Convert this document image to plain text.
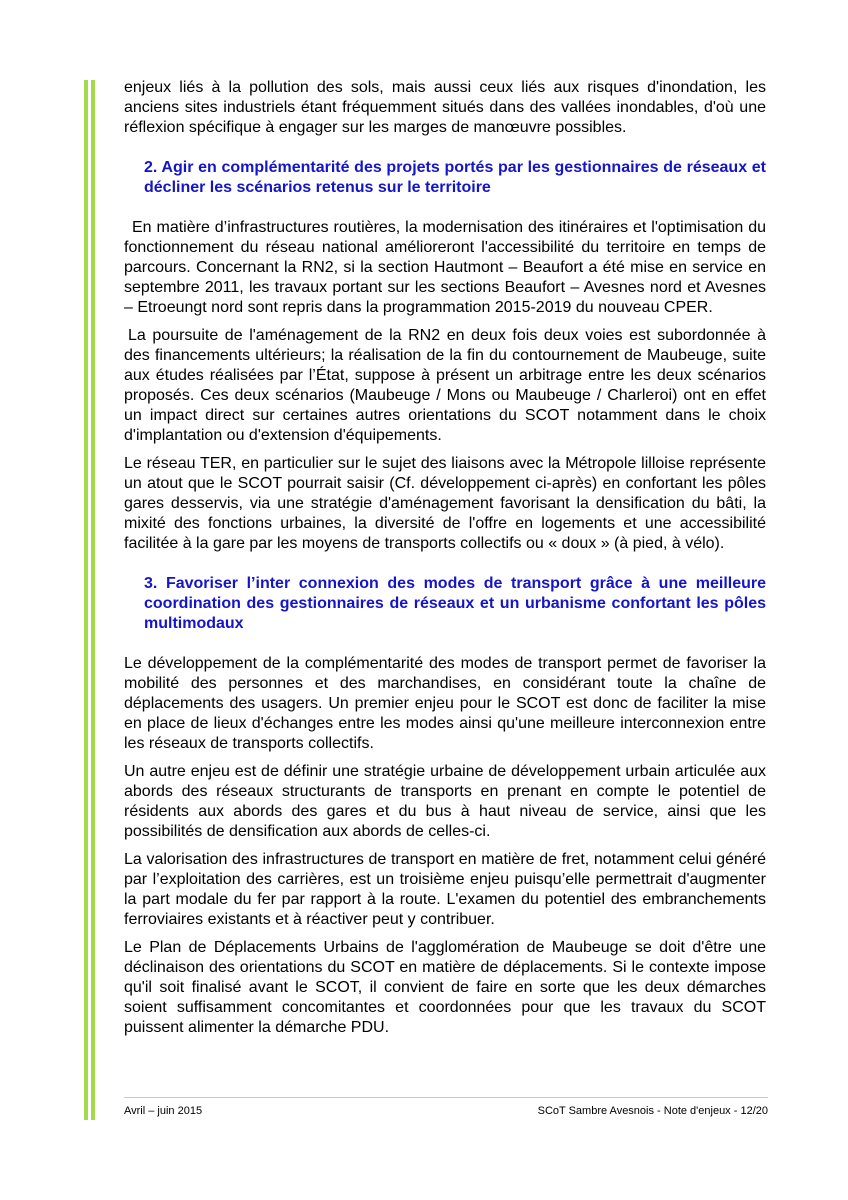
enjeux liés à la pollution des sols, mais aussi ceux liés aux risques d'inondation, les anciens sites industriels étant fréquemment situés dans des vallées inondables, d'où une réflexion spécifique à engager sur les marges de manœuvre possibles.

2. Agir en complémentarité des projets portés par les gestionnaires de réseaux et décliner les scénarios retenus sur le territoire

En matière d’infrastructures routières, la modernisation des itinéraires et l'optimisation du fonctionnement du réseau national amélioreront l'accessibilité du territoire en temps de parcours. Concernant la RN2, si la section Hautmont – Beaufort a été mise en service en septembre 2011, les travaux portant sur les sections Beaufort – Avesnes nord et Avesnes – Etroeungt nord sont repris dans la programmation 2015-2019 du nouveau CPER.

La poursuite de l'aménagement de la RN2 en deux fois deux voies est subordonnée à des financements ultérieurs; la réalisation de la fin du contournement de Maubeuge, suite aux études réalisées par l’État, suppose à présent un arbitrage entre les deux scénarios proposés. Ces deux scénarios (Maubeuge / Mons ou Maubeuge / Charleroi) ont en effet un impact direct sur certaines autres orientations du SCOT notamment dans le choix d'implantation ou d'extension d'équipements.

Le réseau TER, en particulier sur le sujet des liaisons avec la Métropole lilloise représente un atout que le SCOT pourrait saisir (Cf. développement ci-après) en confortant les pôles gares desservis, via une stratégie d'aménagement favorisant la densification du bâti, la mixité des fonctions urbaines, la diversité de l'offre en logements et une accessibilité facilitée à la gare par les moyens de transports collectifs ou « doux » (à pied, à vélo).

3. Favoriser l’inter connexion des modes de transport grâce à une meilleure coordination des gestionnaires de réseaux et un urbanisme confortant les pôles multimodaux

Le développement de la complémentarité des modes de transport permet de favoriser la mobilité des personnes et des marchandises, en considérant toute la chaîne de déplacements des usagers. Un premier enjeu pour le SCOT est donc de faciliter la mise en place de lieux d'échanges entre les modes ainsi qu'une meilleure interconnexion entre les réseaux de transports collectifs.

Un autre enjeu est de définir une stratégie urbaine de développement urbain articulée aux abords des réseaux structurants de transports en prenant en compte le potentiel de résidents aux abords des gares et du bus à haut niveau de service, ainsi que les possibilités de densification aux abords de celles-ci.

La valorisation des infrastructures de transport en matière de fret, notamment celui généré par l’exploitation des carrières, est un troisième enjeu puisqu’elle permettrait d'augmenter la part modale du fer par rapport à la route. L'examen du potentiel des embranchements ferroviaires existants et à réactiver peut y contribuer.

Le Plan de Déplacements Urbains de l'agglomération de Maubeuge se doit d'être une déclinaison des orientations du SCOT en matière de déplacements. Si le contexte impose qu'il soit finalisé avant le SCOT, il convient de faire en sorte que les deux démarches soient suffisamment concomitantes et coordonnées pour que les travaux du SCOT puissent alimenter la démarche PDU.

Avril – juin 2015	SCoT Sambre Avesnois - Note d'enjeux - 12/20
